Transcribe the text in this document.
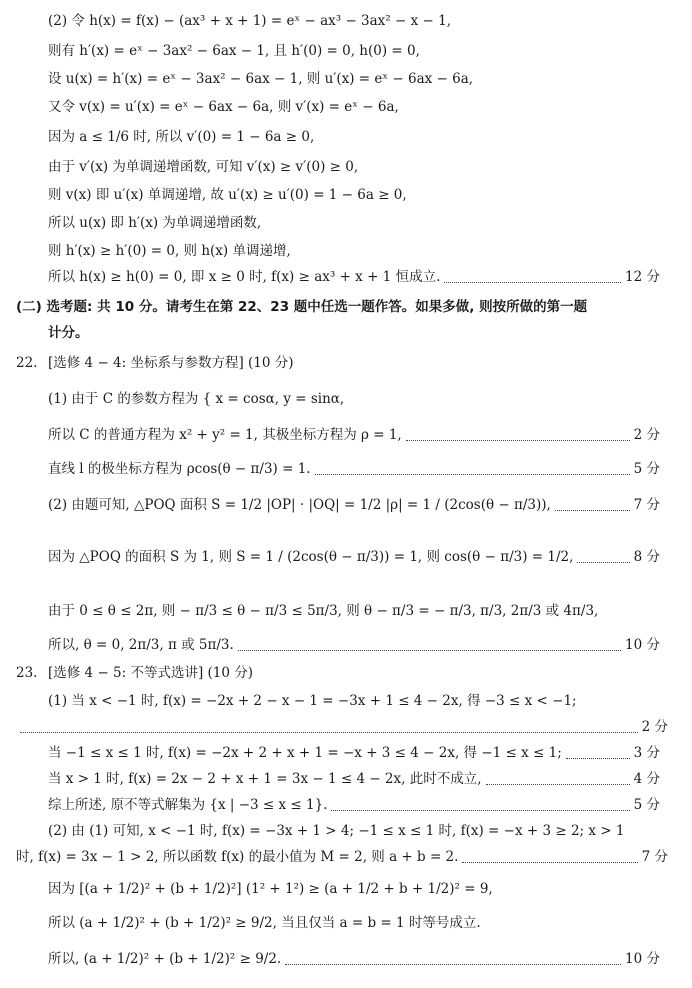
(2) 令 h(x) = f(x) − (ax³ + x + 1) = eˣ − ax³ − 3ax² − x − 1,
则有 h′(x) = eˣ − 3ax² − 6ax − 1, 且 h′(0) = 0, h(0) = 0,
设 u(x) = h′(x) = eˣ − 3ax² − 6ax − 1, 则 u′(x) = eˣ − 6ax − 6a,
又令 v(x) = u′(x) = eˣ − 6ax − 6a, 则 v′(x) = eˣ − 6a,
因为 a ≤ 1/6 时, 所以 v′(0) = 1 − 6a ≥ 0,
由于 v′(x) 为单调递增函数, 可知 v′(x) ≥ v′(0) ≥ 0,
则 v(x) 即 u′(x) 单调递增, 故 u′(x) ≥ u′(0) = 1 − 6a ≥ 0,
所以 u(x) 即 h′(x) 为单调递增函数,
则 h′(x) ≥ h′(0) = 0, 则 h(x) 单调递增,
所以 h(x) ≥ h(0) = 0, 即 x ≥ 0 时, f(x) ≥ ax³ + x + 1 恒成立.	12 分
(二) 选考题: 共 10 分。请考生在第 22、23 题中任选一题作答。如果多做, 则按所做的第一题
计分。
22. [选修 4 − 4: 坐标系与参数方程] (10 分)
(1) 由于 C 的参数方程为 { x = cosα, y = sinα,
所以 C 的普通方程为 x² + y² = 1, 其极坐标方程为 ρ = 1,	2 分
直线 l 的极坐标方程为 ρcos(θ − π/3) = 1.	5 分
(2) 由题可知, △POQ 面积 S = 1/2 |OP| · |OQ| = 1/2 |ρ| = 1 / (2cos(θ − π/3)),	7 分
因为 △POQ 的面积 S 为 1, 则 S = 1 / (2cos(θ − π/3)) = 1, 则 cos(θ − π/3) = 1/2,	8 分
由于 0 ≤ θ ≤ 2π, 则 − π/3 ≤ θ − π/3 ≤ 5π/3, 则 θ − π/3 = − π/3, π/3, 2π/3 或 4π/3,
所以, θ = 0, 2π/3, π 或 5π/3.	10 分
23. [选修 4 − 5: 不等式选讲] (10 分)
(1) 当 x < −1 时, f(x) = −2x + 2 − x − 1 = −3x + 1 ≤ 4 − 2x, 得 −3 ≤ x < −1;
2 分
当 −1 ≤ x ≤ 1 时, f(x) = −2x + 2 + x + 1 = −x + 3 ≤ 4 − 2x, 得 −1 ≤ x ≤ 1;	3 分
当 x > 1 时, f(x) = 2x − 2 + x + 1 = 3x − 1 ≤ 4 − 2x, 此时不成立,	4 分
综上所述, 原不等式解集为 {x | −3 ≤ x ≤ 1}.	5 分
(2) 由 (1) 可知, x < −1 时, f(x) = −3x + 1 > 4; −1 ≤ x ≤ 1 时, f(x) = −x + 3 ≥ 2; x > 1
时, f(x) = 3x − 1 > 2, 所以函数 f(x) 的最小值为 M = 2, 则 a + b = 2.	7 分
因为 [(a + 1/2)² + (b + 1/2)²] (1² + 1²) ≥ (a + 1/2 + b + 1/2)² = 9,
所以 (a + 1/2)² + (b + 1/2)² ≥ 9/2, 当且仅当 a = b = 1 时等号成立.
所以, (a + 1/2)² + (b + 1/2)² ≥ 9/2.	10 分
